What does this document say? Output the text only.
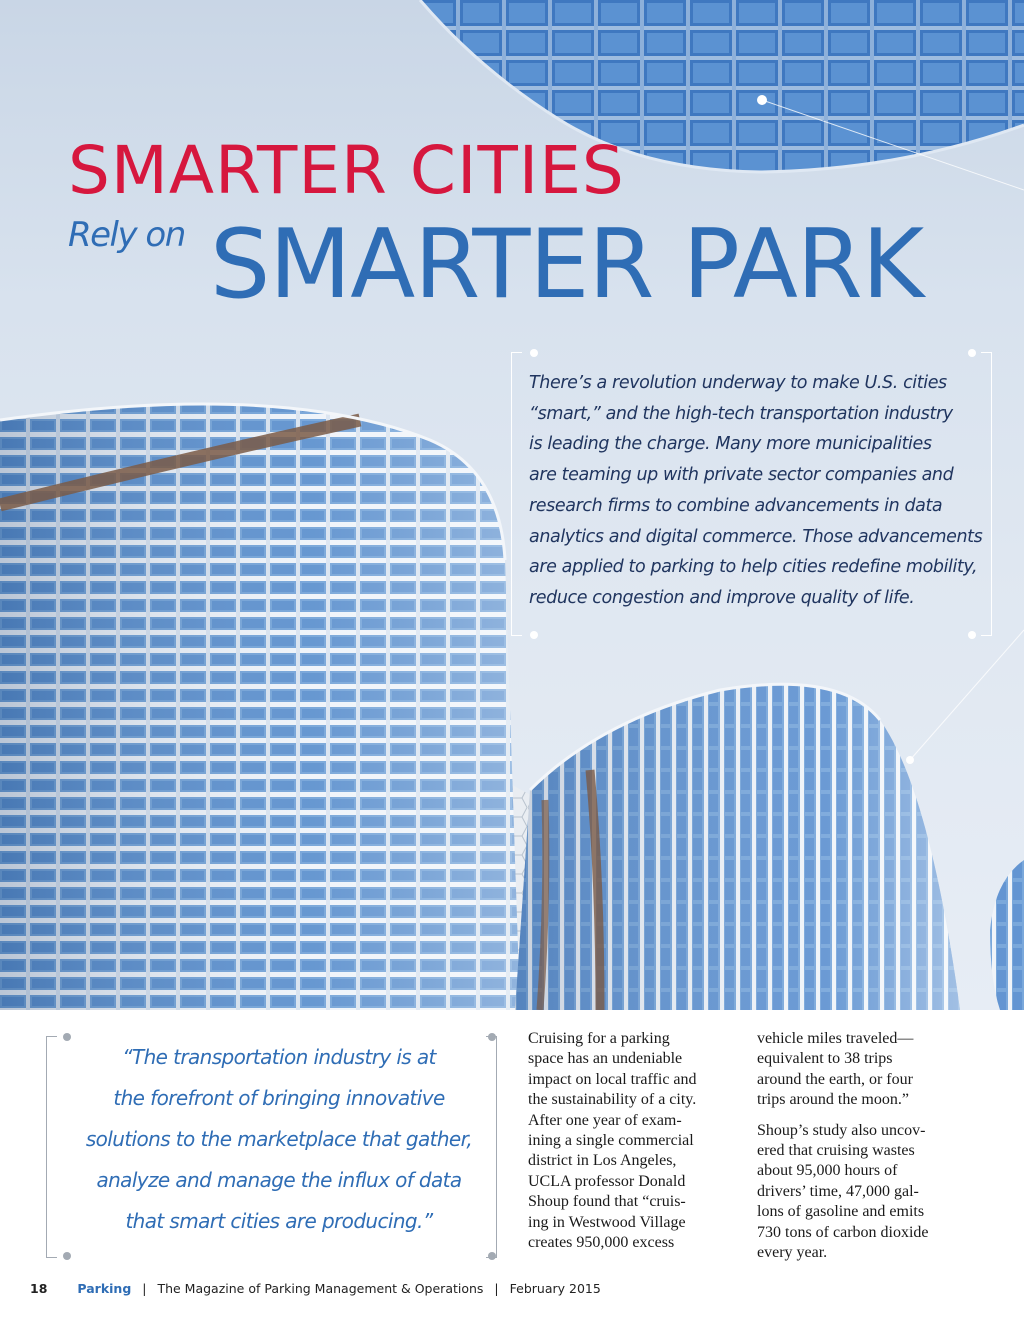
SMARTER CITIES
Rely on SMARTER PARK
There’s a revolution underway to make U.S. cities
“smart,” and the high-tech transportation industry
is leading the charge. Many more municipalities
are teaming up with private sector companies and
research firms to combine advancements in data
analytics and digital commerce. Those advancements
are applied to parking to help cities redefine mobility,
reduce congestion and improve quality of life.
“The transportation industry is at
the forefront of bringing innovative
solutions to the marketplace that gather,
analyze and manage the influx of data
that smart cities are producing.”

Cruising for a parking
space has an undeniable
impact on local traffic and
the sustainability of a city.
After one year of exam-
ining a single commercial
district in Los Angeles,
UCLA professor Donald
Shoup found that “cruis-
ing in Westwood Village
creates 950,000 excess

vehicle miles traveled—
equivalent to 38 trips
around the earth, or four
trips around the moon.”

Shoup’s study also uncov-
ered that cruising wastes
about 95,000 hours of
drivers’ time, 47,000 gal-
lons of gasoline and emits
730 tons of carbon dioxide
every year.

18 Parking | The Magazine of Parking Management & Operations | February 2015
